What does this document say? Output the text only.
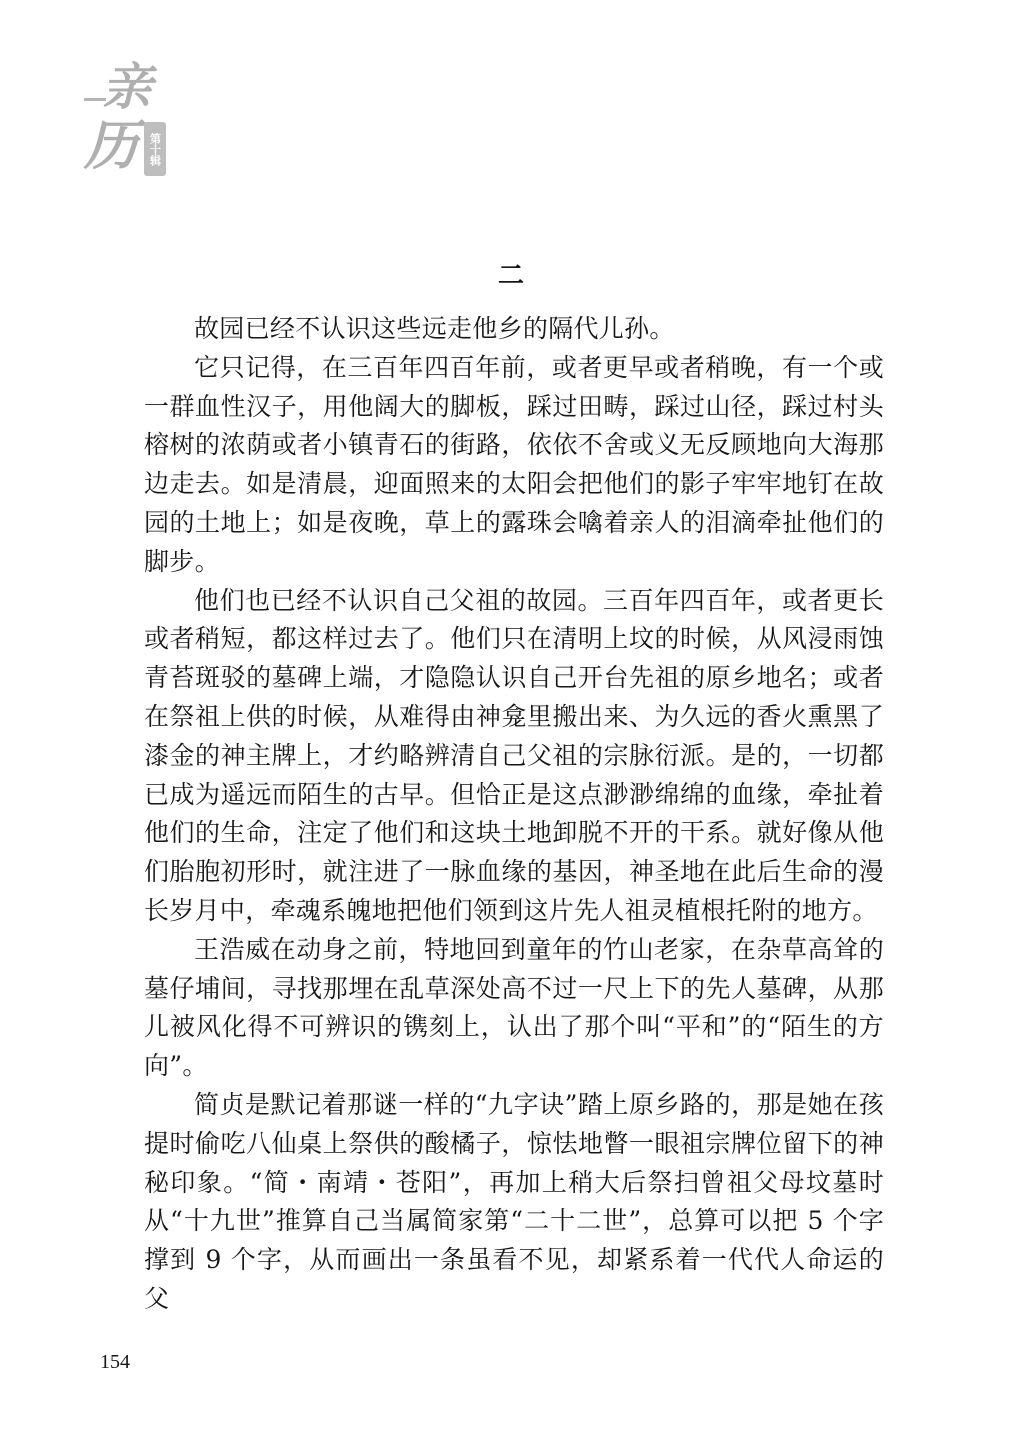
亲
历 第十辑
二

故园已经不认识这些远走他乡的隔代儿孙。

它只记得，在三百年四百年前，或者更早或者稍晚，有一个或一群血性汉子，用他阔大的脚板，踩过田畴，踩过山径，踩过村头榕树的浓荫或者小镇青石的街路，依依不舍或义无反顾地向大海那边走去。如是清晨，迎面照来的太阳会把他们的影子牢牢地钉在故园的土地上；如是夜晚，草上的露珠会噙着亲人的泪滴牵扯他们的脚步。

他们也已经不认识自己父祖的故园。三百年四百年，或者更长或者稍短，都这样过去了。他们只在清明上坟的时候，从风浸雨蚀青苔斑驳的墓碑上端，才隐隐认识自己开台先祖的原乡地名；或者在祭祖上供的时候，从难得由神龛里搬出来、为久远的香火熏黑了漆金的神主牌上，才约略辨清自己父祖的宗脉衍派。是的，一切都已成为遥远而陌生的古早。但恰正是这点渺渺绵绵的血缘，牵扯着他们的生命，注定了他们和这块土地卸脱不开的干系。就好像从他们胎胞初形时，就注进了一脉血缘的基因，神圣地在此后生命的漫长岁月中，牵魂系魄地把他们领到这片先人祖灵植根托附的地方。

王浩威在动身之前，特地回到童年的竹山老家，在杂草高耸的墓仔埔间，寻找那埋在乱草深处高不过一尺上下的先人墓碑，从那儿被风化得不可辨识的镌刻上，认出了那个叫“平和”的“陌生的方向”。

简贞是默记着那谜一样的“九字诀”踏上原乡路的，那是她在孩提时偷吃八仙桌上祭供的酸橘子，惊怯地瞥一眼祖宗牌位留下的神秘印象。“简・南靖・苍阳”，再加上稍大后祭扫曾祖父母坟墓时从“十九世”推算自己当属简家第“二十二世”，总算可以把 5 个字撑到 9 个字，从而画出一条虽看不见，却紧系着一代代人命运的父

154
